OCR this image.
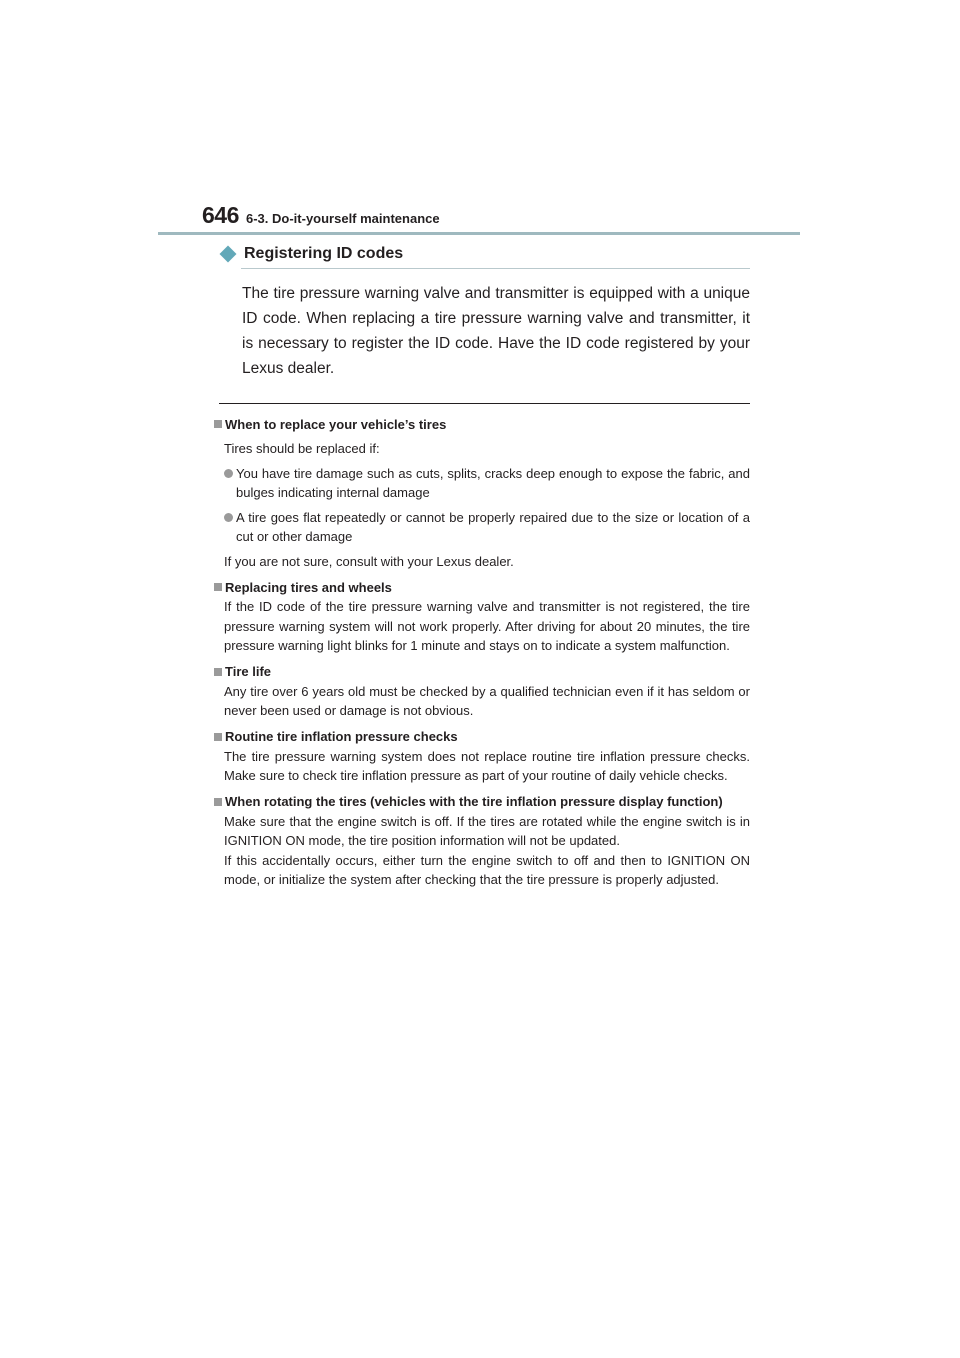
646 6-3. Do-it-yourself maintenance
Registering ID codes
The tire pressure warning valve and transmitter is equipped with a unique ID code. When replacing a tire pressure warning valve and transmitter, it is necessary to register the ID code. Have the ID code registered by your Lexus dealer.
When to replace your vehicle’s tires
Tires should be replaced if:
You have tire damage such as cuts, splits, cracks deep enough to expose the fabric, and bulges indicating internal damage
A tire goes flat repeatedly or cannot be properly repaired due to the size or location of a cut or other damage
If you are not sure, consult with your Lexus dealer.
Replacing tires and wheels
If the ID code of the tire pressure warning valve and transmitter is not registered, the tire pressure warning system will not work properly. After driving for about 20 minutes, the tire pressure warning light blinks for 1 minute and stays on to indicate a system malfunction.
Tire life
Any tire over 6 years old must be checked by a qualified technician even if it has seldom or never been used or damage is not obvious.
Routine tire inflation pressure checks
The tire pressure warning system does not replace routine tire inflation pressure checks. Make sure to check tire inflation pressure as part of your routine of daily vehicle checks.
When rotating the tires (vehicles with the tire inflation pressure display function)
Make sure that the engine switch is off. If the tires are rotated while the engine switch is in IGNITION ON mode, the tire position information will not be updated.
If this accidentally occurs, either turn the engine switch to off and then to IGNITION ON mode, or initialize the system after checking that the tire pressure is properly adjusted.
